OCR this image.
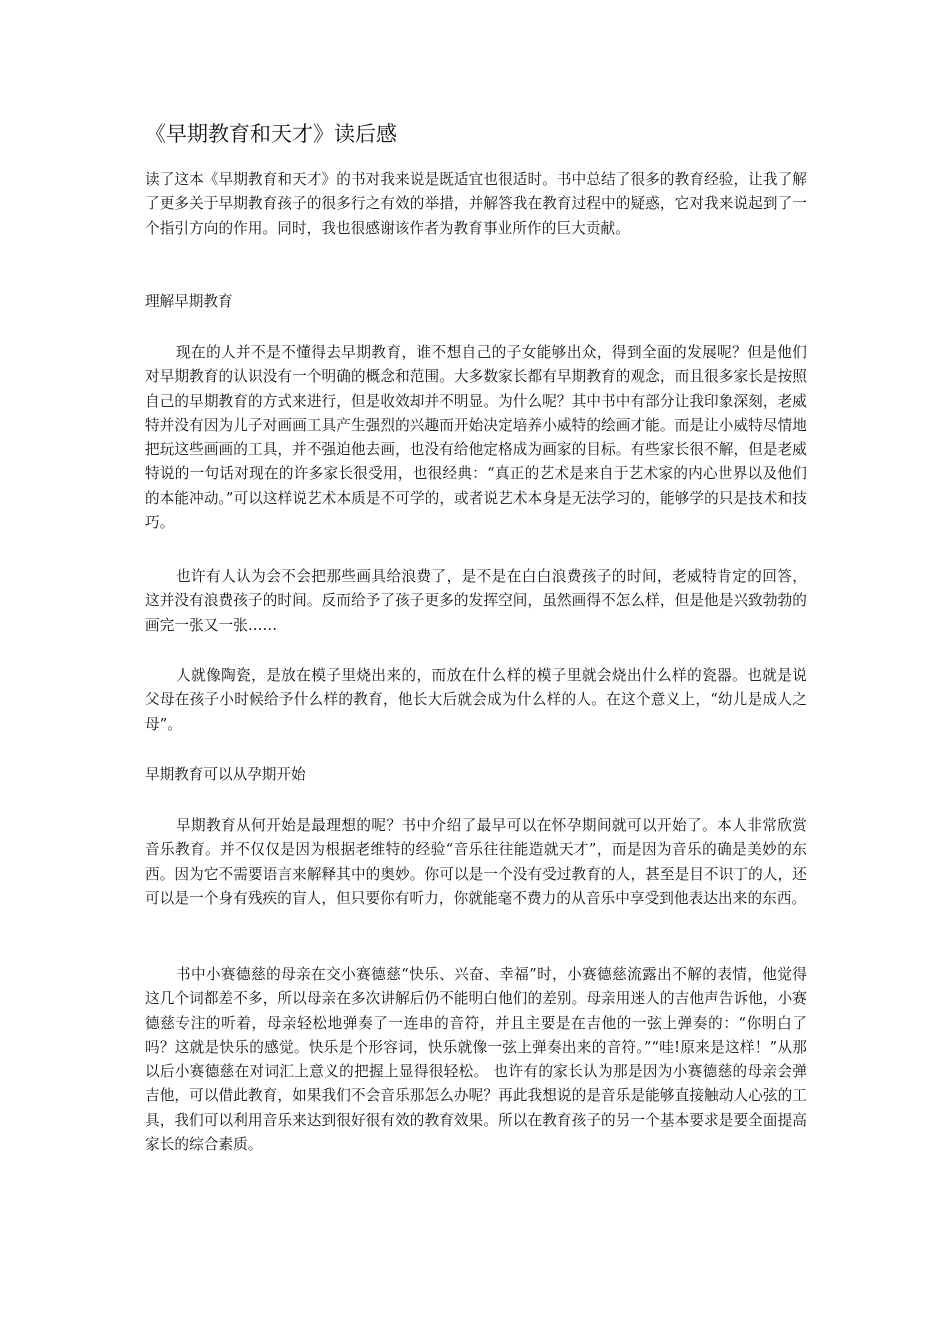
《早期教育和天才》读后感

读了这本《早期教育和天才》的书对我来说是既适宜也很适时。书中总结了很多的教育经验，让我了解了更多关于早期教育孩子的很多行之有效的举措，并解答我在教育过程中的疑惑，它对我来说起到了一个指引方向的作用。同时，我也很感谢该作者为教育事业所作的巨大贡献。

理解早期教育

现在的人并不是不懂得去早期教育，谁不想自己的子女能够出众，得到全面的发展呢？但是他们对早期教育的认识没有一个明确的概念和范围。大多数家长都有早期教育的观念，而且很多家长是按照自己的早期教育的方式来进行，但是收效却并不明显。为什么呢？其中书中有部分让我印象深刻，老威特并没有因为儿子对画画工具产生强烈的兴趣而开始决定培养小威特的绘画才能。而是让小威特尽情地把玩这些画画的工具，并不强迫他去画，也没有给他定格成为画家的目标。有些家长很不解，但是老威特说的一句话对现在的许多家长很受用，也很经典：“真正的艺术是来自于艺术家的内心世界以及他们的本能冲动。”可以这样说艺术本质是不可学的，或者说艺术本身是无法学习的，能够学的只是技术和技巧。

也许有人认为会不会把那些画具给浪费了，是不是在白白浪费孩子的时间，老威特肯定的回答，这并没有浪费孩子的时间。反而给予了孩子更多的发挥空间，虽然画得不怎么样，但是他是兴致勃勃的画完一张又一张……

人就像陶瓷，是放在模子里烧出来的，而放在什么样的模子里就会烧出什么样的瓷器。也就是说父母在孩子小时候给予什么样的教育，他长大后就会成为什么样的人。在这个意义上，“幼儿是成人之母”。

早期教育可以从孕期开始

早期教育从何开始是最理想的呢？书中介绍了最早可以在怀孕期间就可以开始了。本人非常欣赏音乐教育。并不仅仅是因为根据老维特的经验“音乐往往能造就天才”，而是因为音乐的确是美妙的东西。因为它不需要语言来解释其中的奥妙。你可以是一个没有受过教育的人，甚至是目不识丁的人，还可以是一个身有残疾的盲人，但只要你有听力，你就能毫不费力的从音乐中享受到他表达出来的东西。

书中小赛德慈的母亲在交小赛德慈“快乐、兴奋、幸福”时，小赛德慈流露出不解的表情，他觉得这几个词都差不多，所以母亲在多次讲解后仍不能明白他们的差别。母亲用迷人的吉他声告诉他，小赛德慈专注的听着，母亲轻松地弹奏了一连串的音符，并且主要是在吉他的一弦上弹奏的：“你明白了吗？这就是快乐的感觉。快乐是个形容词，快乐就像一弦上弹奏出来的音符。”“哇!原来是这样！”从那以后小赛德慈在对词汇上意义的把握上显得很轻松。 也许有的家长认为那是因为小赛德慈的母亲会弹吉他，可以借此教育，如果我们不会音乐那怎么办呢？再此我想说的是音乐是能够直接触动人心弦的工具，我们可以利用音乐来达到很好很有效的教育效果。所以在教育孩子的另一个基本要求是要全面提高家长的综合素质。
